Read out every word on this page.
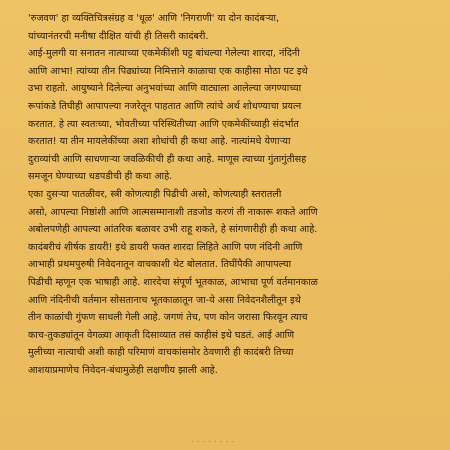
'रुजवण' हा व्यक्तिचित्रसंग्रह व 'धूळ' आणि 'निगराणी' या दोन कादंबऱ्या,
यांच्यानंतरची मनीषा दीक्षित यांची ही तिसरी कादंबरी.

आई-मुलगी या सनातन नात्याच्या एकमेकींशी घट्ट बांधल्या गेलेल्या शारदा, नंदिनी
आणि आभा! त्यांच्या तीन पिढ्यांच्या निमित्ताने काळाचा एक काहीसा मोठा पट इथे
उभा राहतो. आयुष्याने दिलेल्या अनुभवांच्या आणि वाट्याला आलेल्या जगण्याच्या
रूपांकडे तिघीही आपापल्या नजरेतून पाहतात आणि त्यांचे अर्थ शोधण्याचा प्रयत्न
करतात. हे त्या स्वतःच्या, भोवतीच्या परिस्थितीच्या आणि एकमेकींच्याही संदर्भात
करतात! या तीन मायलेकींच्या अशा शोधांची ही कथा आहे. नात्यांमधे येणाऱ्या
दुराव्यांची आणि साधणाऱ्या जवळिकीची ही कथा आहे. माणूस त्याच्या गुंतागुंतीसह
समजून घेण्याच्या धडपडीची ही कथा आहे.

एका दुसऱ्या पातळीवर, स्त्री कोणत्याही पिढीची असो, कोणत्याही स्तरातली
असो, आपल्या निष्ठांशी आणि आत्मसम्मानाशी तडजोड करणं ती नाकारू शकते आणि
अबोलपणेही आपल्या आंतरिक बळावर उभी राहू शकते, हे सांगणारीही ही कथा आहे.

कादंबरीचं शीर्षक डायरी! इथे डायरी फक्त शारदा लिहिते आणि पण नंदिनी आणि
आभाही प्रथमपुरुषी निवेदनातून वाचकाशी थेट बोलतात. तिघींपैकी आपापल्या
पिढीची म्हणून एक भाषाही आहे. शारदेचा संपूर्ण भूतकाळ, आभाचा पूर्ण वर्तमानकाळ
आणि नंदिनीची वर्तमान सोसतानाच भूतकाळातून जा-ये असा निवेदनशैलीतून इथे
तीन काळांची गुंफण साधली गेली आहे. जगणं तेच, पण कोन जरासा फिरवून त्याच
काच-तुकड्यांतून वेगळ्या आकृती दिसाव्यात तसं काहीसं इथे घडतं. आई आणि
मुलीच्या नात्याची अशी काही परिमाणं वाचकांसमोर ठेवणारी ही कादंबरी तिच्या
आशयाप्रमाणेच निवेदन-बंधामुळेही लक्षणीय झाली आहे.

· · · · · · · ·
